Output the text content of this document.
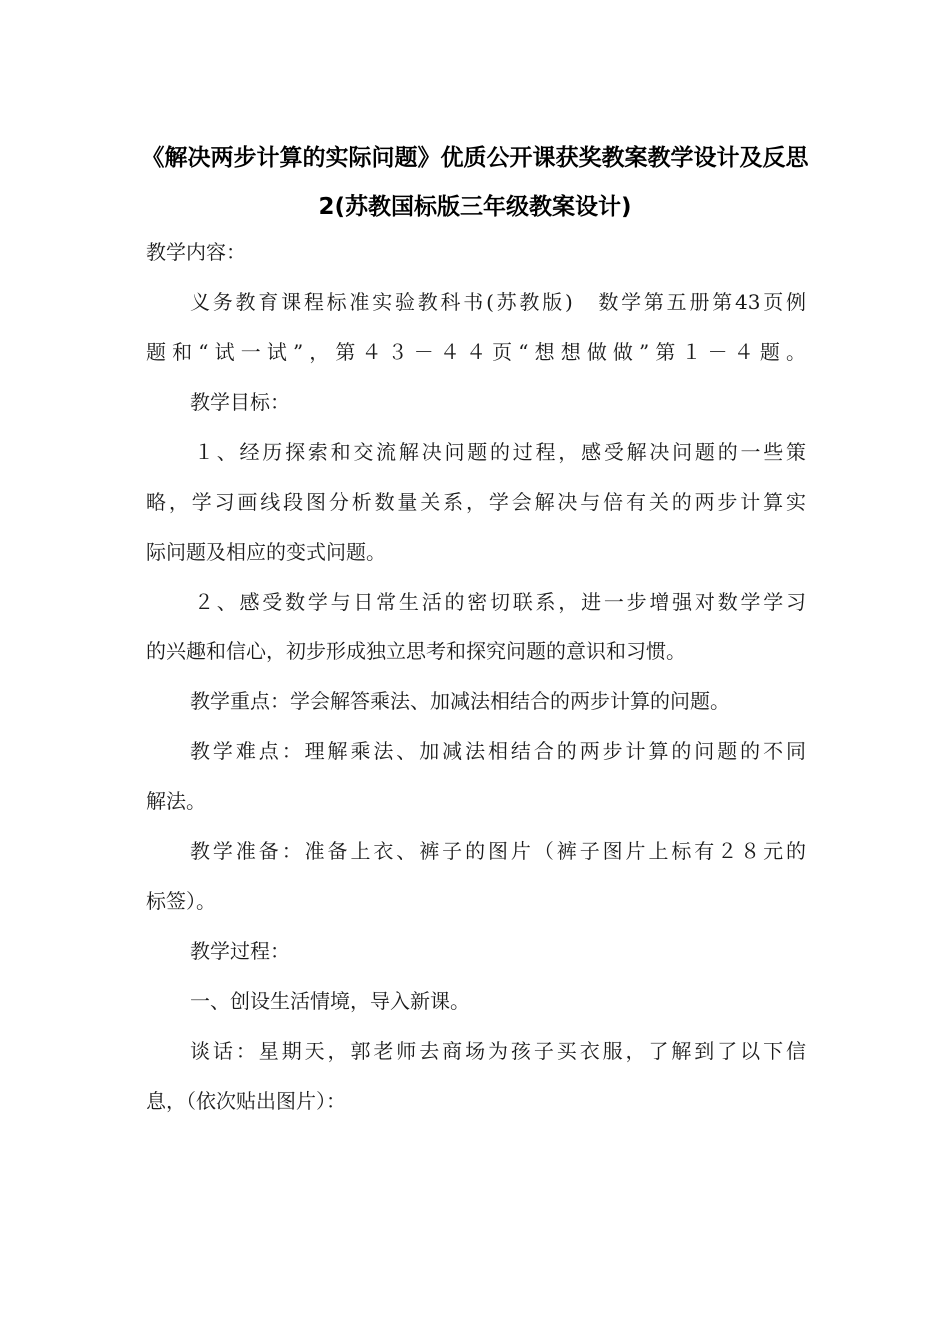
《解决两步计算的实际问题》优质公开课获奖教案教学设计及反思
2(苏教国标版三年级教案设计)
教学内容：
义务教育课程标准实验教科书(苏教版)　数学第五册第43页例
题和“试一试”，第４３－４４页“想想做做”第１－４题。
教学目标：
１、经历探索和交流解决问题的过程，感受解决问题的一些策
略，学习画线段图分析数量关系，学会解决与倍有关的两步计算实
际问题及相应的变式问题。
２、感受数学与日常生活的密切联系，进一步增强对数学学习
的兴趣和信心，初步形成独立思考和探究问题的意识和习惯。
教学重点：学会解答乘法、加减法相结合的两步计算的问题。
教学难点：理解乘法、加减法相结合的两步计算的问题的不同
解法。
教学准备：准备上衣、裤子的图片（裤子图片上标有２８元的
标签）。
教学过程：
一、创设生活情境，导入新课。
谈话：星期天，郭老师去商场为孩子买衣服，了解到了以下信
息，（依次贴出图片）：
